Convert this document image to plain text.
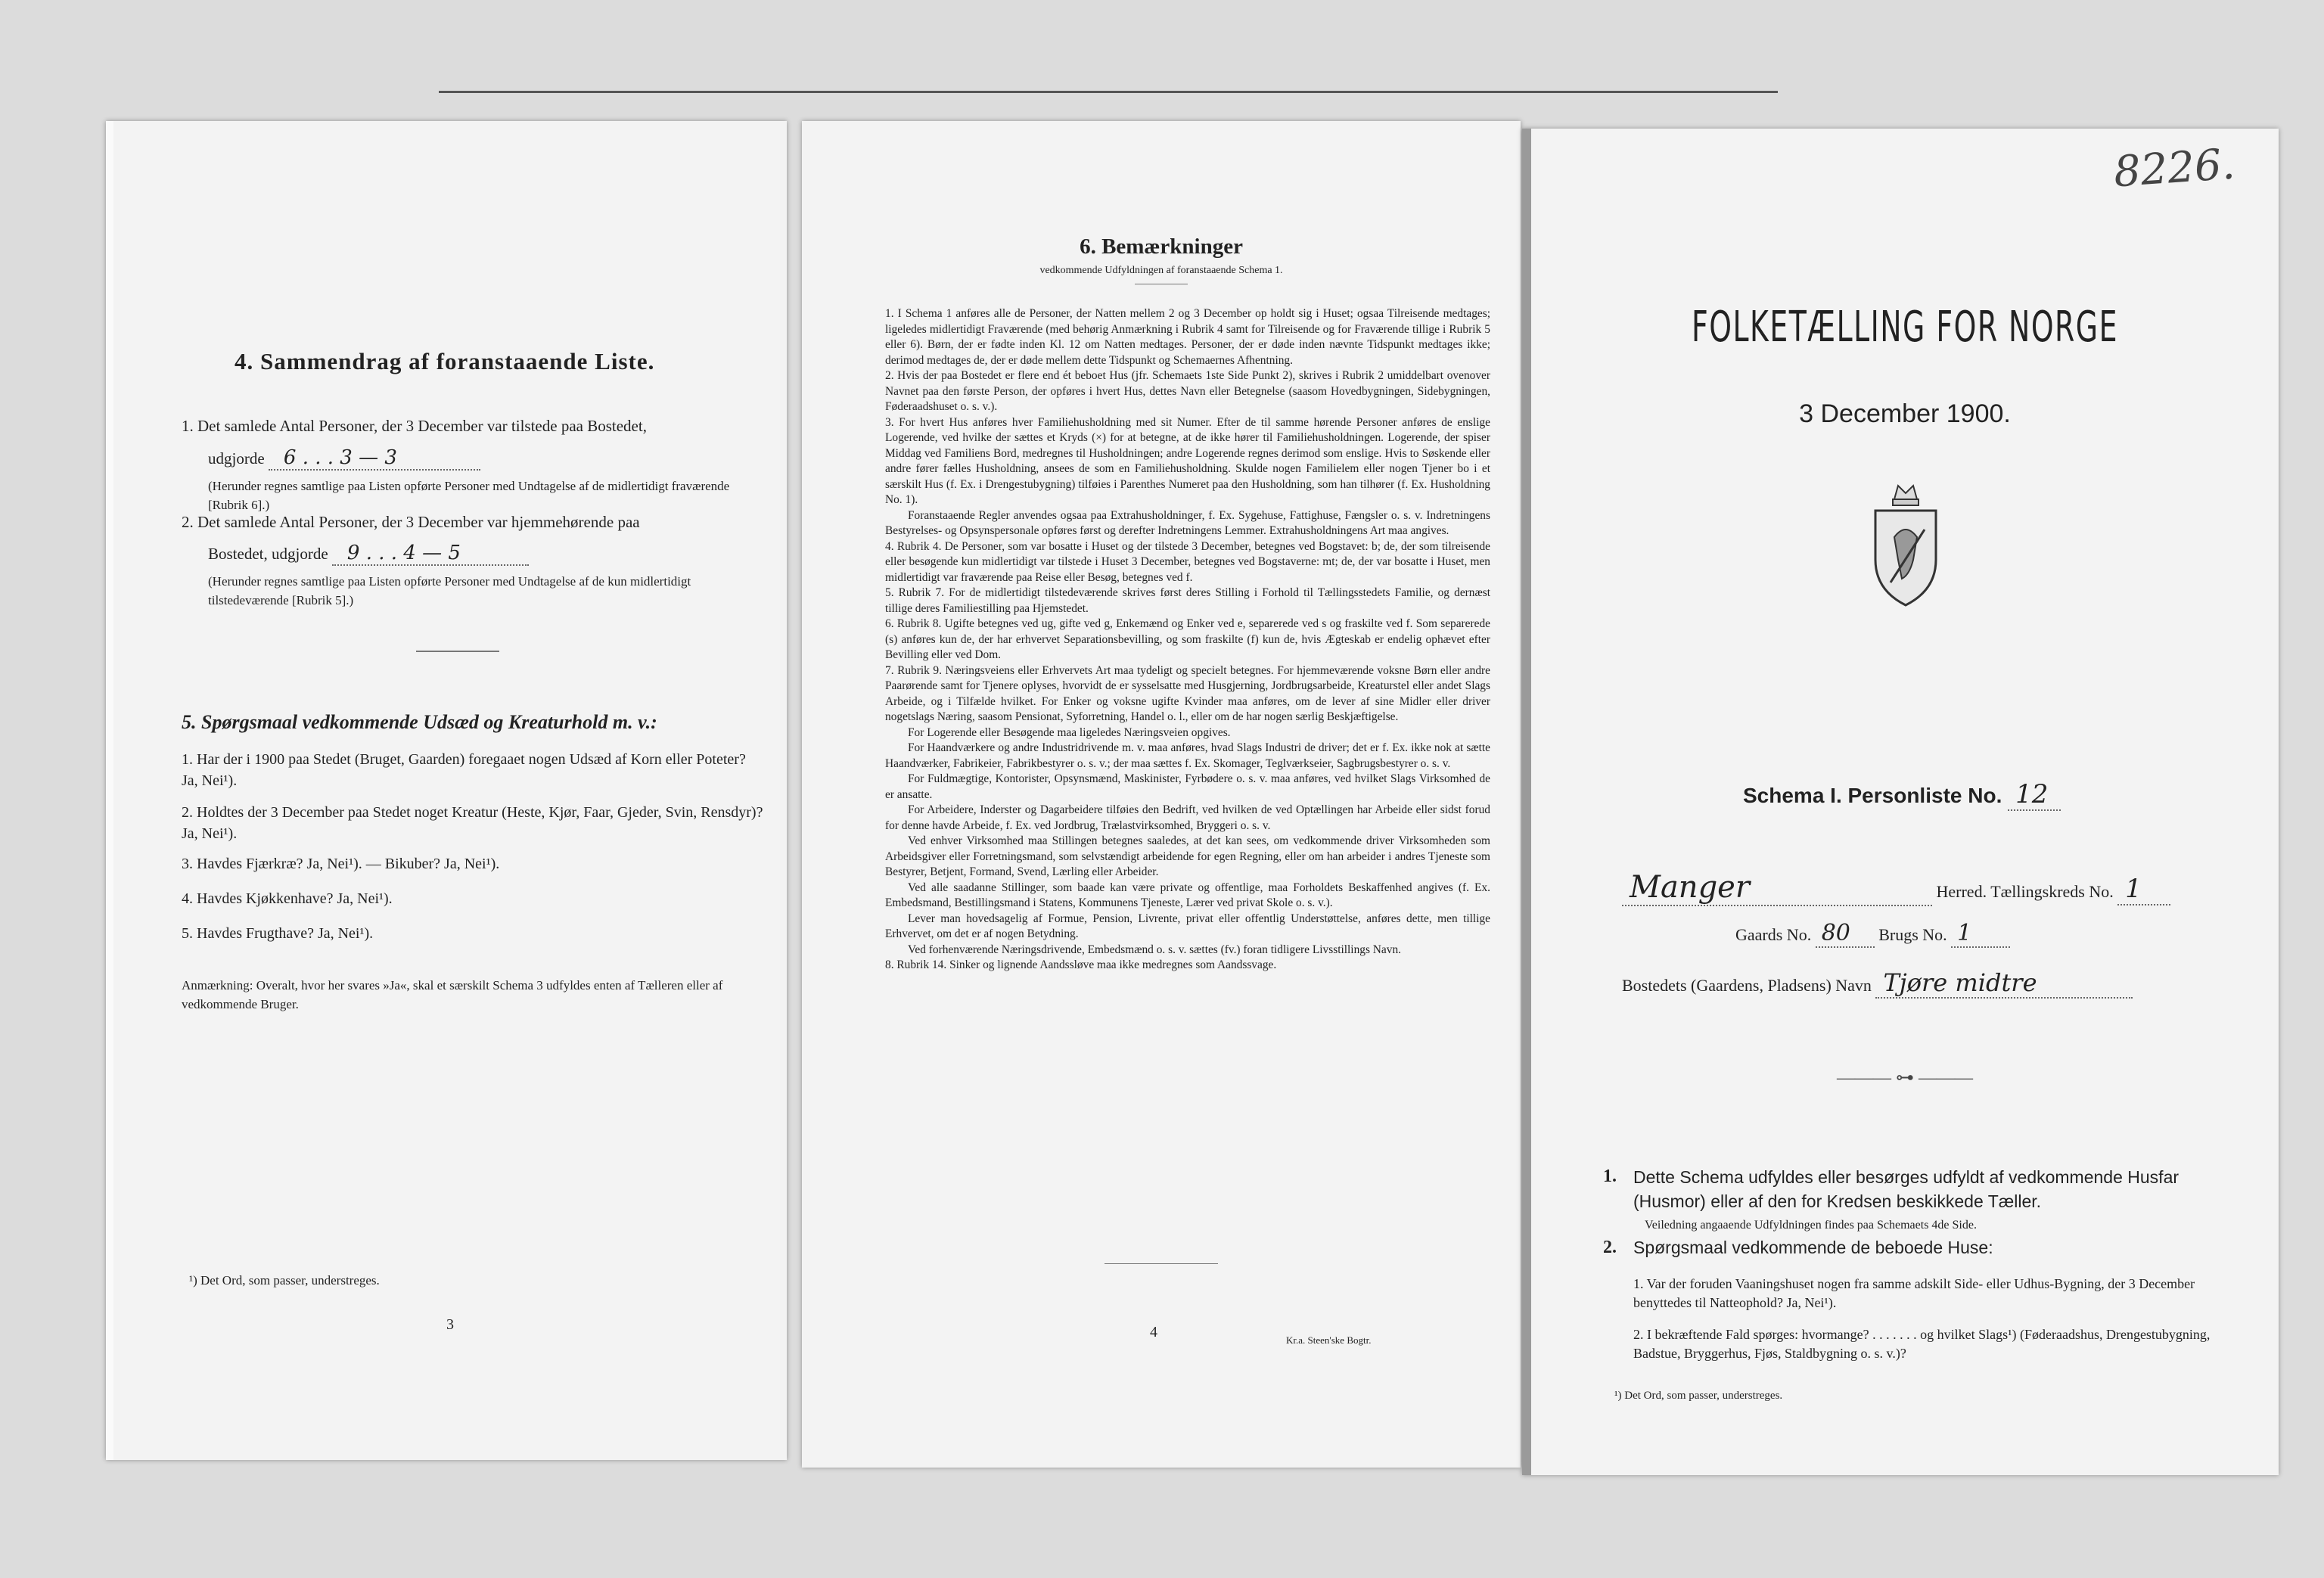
4. Sammendrag af foranstaaende Liste.
1. Det samlede Antal Personer, der 3 December var tilstede paa Bostedet,
udgjorde 6 . . . 3 — 3
(Herunder regnes samtlige paa Listen opførte Personer med Undtagelse af de midlertidigt fraværende [Rubrik 6].)
2. Det samlede Antal Personer, der 3 December var hjemmehørende paa
Bostedet, udgjorde 9 . . . 4 — 5
(Herunder regnes samtlige paa Listen opførte Personer med Undtagelse af de kun midlertidigt tilstedeværende [Rubrik 5].)
5. Spørgsmaal vedkommende Udsæd og Kreaturhold m. v.:
1. Har der i 1900 paa Stedet (Bruget, Gaarden) foregaaet nogen Udsæd af Korn eller Poteter? Ja, Nei¹).
2. Holdtes der 3 December paa Stedet noget Kreatur (Heste, Kjør, Faar, Gjeder, Svin, Rensdyr)? Ja, Nei¹).
3. Havdes Fjærkræ? Ja, Nei¹). — Bikuber? Ja, Nei¹).
4. Havdes Kjøkkenhave? Ja, Nei¹).
5. Havdes Frugthave? Ja, Nei¹).
Anmærkning: Overalt, hvor her svares »Ja«, skal et særskilt Schema 3 udfyldes enten af Tælleren eller af vedkommende Bruger.
¹) Det Ord, som passer, understreges.
3
6. Bemærkninger
vedkommende Udfyldningen af foranstaaende Schema 1.

1. I Schema 1 anføres alle de Personer, der Natten mellem 2 og 3 December op holdt sig i Huset; ogsaa Tilreisende medtages; ligeledes midlertidigt Fraværende (med behørig Anmærkning i Rubrik 4 samt for Tilreisende og for Fraværende tillige i Rubrik 5 eller 6). Børn, der er fødte inden Kl. 12 om Natten medtages. Personer, der er døde inden nævnte Tidspunkt medtages ikke; derimod medtages de, der er døde mellem dette Tidspunkt og Schemaernes Afhentning.

2. Hvis der paa Bostedet er flere end ét beboet Hus (jfr. Schemaets 1ste Side Punkt 2), skrives i Rubrik 2 umiddelbart ovenover Navnet paa den første Person, der opføres i hvert Hus, dettes Navn eller Betegnelse (saasom Hovedbygningen, Sidebygningen, Føderaadshuset o. s. v.).

3. For hvert Hus anføres hver Familiehusholdning med sit Numer. Efter de til samme hørende Personer anføres de enslige Logerende, ved hvilke der sættes et Kryds (×) for at betegne, at de ikke hører til Familiehusholdningen. Logerende, der spiser Middag ved Familiens Bord, medregnes til Husholdningen; andre Logerende regnes derimod som enslige. Hvis to Søskende eller andre fører fælles Husholdning, ansees de som en Familiehusholdning. Skulde nogen Familielem eller nogen Tjener bo i et særskilt Hus (f. Ex. i Drengestubygning) tilføies i Parenthes Numeret paa den Husholdning, som han tilhører (f. Ex. Husholdning No. 1).

Foranstaaende Regler anvendes ogsaa paa Extrahusholdninger, f. Ex. Sygehuse, Fattighuse, Fængsler o. s. v. Indretningens Bestyrelses- og Opsynspersonale opføres først og derefter Indretningens Lemmer. Extrahusholdningens Art maa angives.

4. Rubrik 4. De Personer, som var bosatte i Huset og der tilstede 3 December, betegnes ved Bogstavet: b; de, der som tilreisende eller besøgende kun midlertidigt var tilstede i Huset 3 December, betegnes ved Bogstaverne: mt; de, der var bosatte i Huset, men midlertidigt var fraværende paa Reise eller Besøg, betegnes ved f.

5. Rubrik 7. For de midlertidigt tilstedeværende skrives først deres Stilling i Forhold til Tællingsstedets Familie, og dernæst tillige deres Familiestilling paa Hjemstedet.

6. Rubrik 8. Ugifte betegnes ved ug, gifte ved g, Enkemænd og Enker ved e, separerede ved s og fraskilte ved f. Som separerede (s) anføres kun de, der har erhvervet Separationsbevilling, og som fraskilte (f) kun de, hvis Ægteskab er endelig ophævet efter Bevilling eller ved Dom.

7. Rubrik 9. Næringsveiens eller Erhvervets Art maa tydeligt og specielt betegnes. For hjemmeværende voksne Børn eller andre Paarørende samt for Tjenere oplyses, hvorvidt de er sysselsatte med Husgjerning, Jordbrugsarbeide, Kreaturstel eller andet Slags Arbeide, og i Tilfælde hvilket. For Enker og voksne ugifte Kvinder maa anføres, om de lever af sine Midler eller driver nogetslags Næring, saasom Pensionat, Syforretning, Handel o. l., eller om de har nogen særlig Beskjæftigelse.

For Logerende eller Besøgende maa ligeledes Næringsveien opgives.

For Haandværkere og andre Industridrivende m. v. maa anføres, hvad Slags Industri de driver; det er f. Ex. ikke nok at sætte Haandværker, Fabrikeier, Fabrikbestyrer o. s. v.; der maa sættes f. Ex. Skomager, Teglværkseier, Sagbrugsbestyrer o. s. v.

For Fuldmægtige, Kontorister, Opsynsmænd, Maskinister, Fyrbødere o. s. v. maa anføres, ved hvilket Slags Virksomhed de er ansatte.

For Arbeidere, Inderster og Dagarbeidere tilføies den Bedrift, ved hvilken de ved Optællingen har Arbeide eller sidst forud for denne havde Arbeide, f. Ex. ved Jordbrug, Trælastvirksomhed, Bryggeri o. s. v.

Ved enhver Virksomhed maa Stillingen betegnes saaledes, at det kan sees, om vedkommende driver Virksomheden som Arbeidsgiver eller Forretningsmand, som selvstændigt arbeidende for egen Regning, eller om han arbeider i andres Tjeneste som Bestyrer, Betjent, Formand, Svend, Lærling eller Arbeider.

Ved alle saadanne Stillinger, som baade kan være private og offentlige, maa Forholdets Beskaffenhed angives (f. Ex. Embedsmand, Bestillingsmand i Statens, Kommunens Tjeneste, Lærer ved privat Skole o. s. v.).

Lever man hovedsagelig af Formue, Pension, Livrente, privat eller offentlig Understøttelse, anføres dette, men tillige Erhvervet, om det er af nogen Betydning.

Ved forhenværende Næringsdrivende, Embedsmænd o. s. v. sættes (fv.) foran tidligere Livsstillings Navn.

8. Rubrik 14. Sinker og lignende Aandssløve maa ikke medregnes som Aandssvage.

4	Kr.a. Steen'ske Bogtr.
8226.
FOLKETÆLLING FOR NORGE
3 December 1900.
Schema I. Personliste No. 12
Manger	Herred. Tællingskreds No. 1
Gaards No. 80 Brugs No. 1
Bostedets (Gaardens, Pladsens) Navn Tjøre midtre
——— ⊶ ———
1. Dette Schema udfyldes eller besørges udfyldt af vedkommende Husfar (Husmor) eller af den for Kredsen beskikkede Tæller.
Veiledning angaaende Udfyldningen findes paa Schemaets 4de Side.
2. Spørgsmaal vedkommende de beboede Huse:
1. Var der foruden Vaaningshuset nogen fra samme adskilt Side- eller Udhus-Bygning, der 3 December benyttedes til Natteophold? Ja, Nei¹).
2. I bekræftende Fald spørges: hvormange? . . . . . . . og hvilket Slags¹) (Føderaadshus, Drengestubygning, Badstue, Bryggerhus, Fjøs, Staldbygning o. s. v.)?
¹) Det Ord, som passer, understreges.
